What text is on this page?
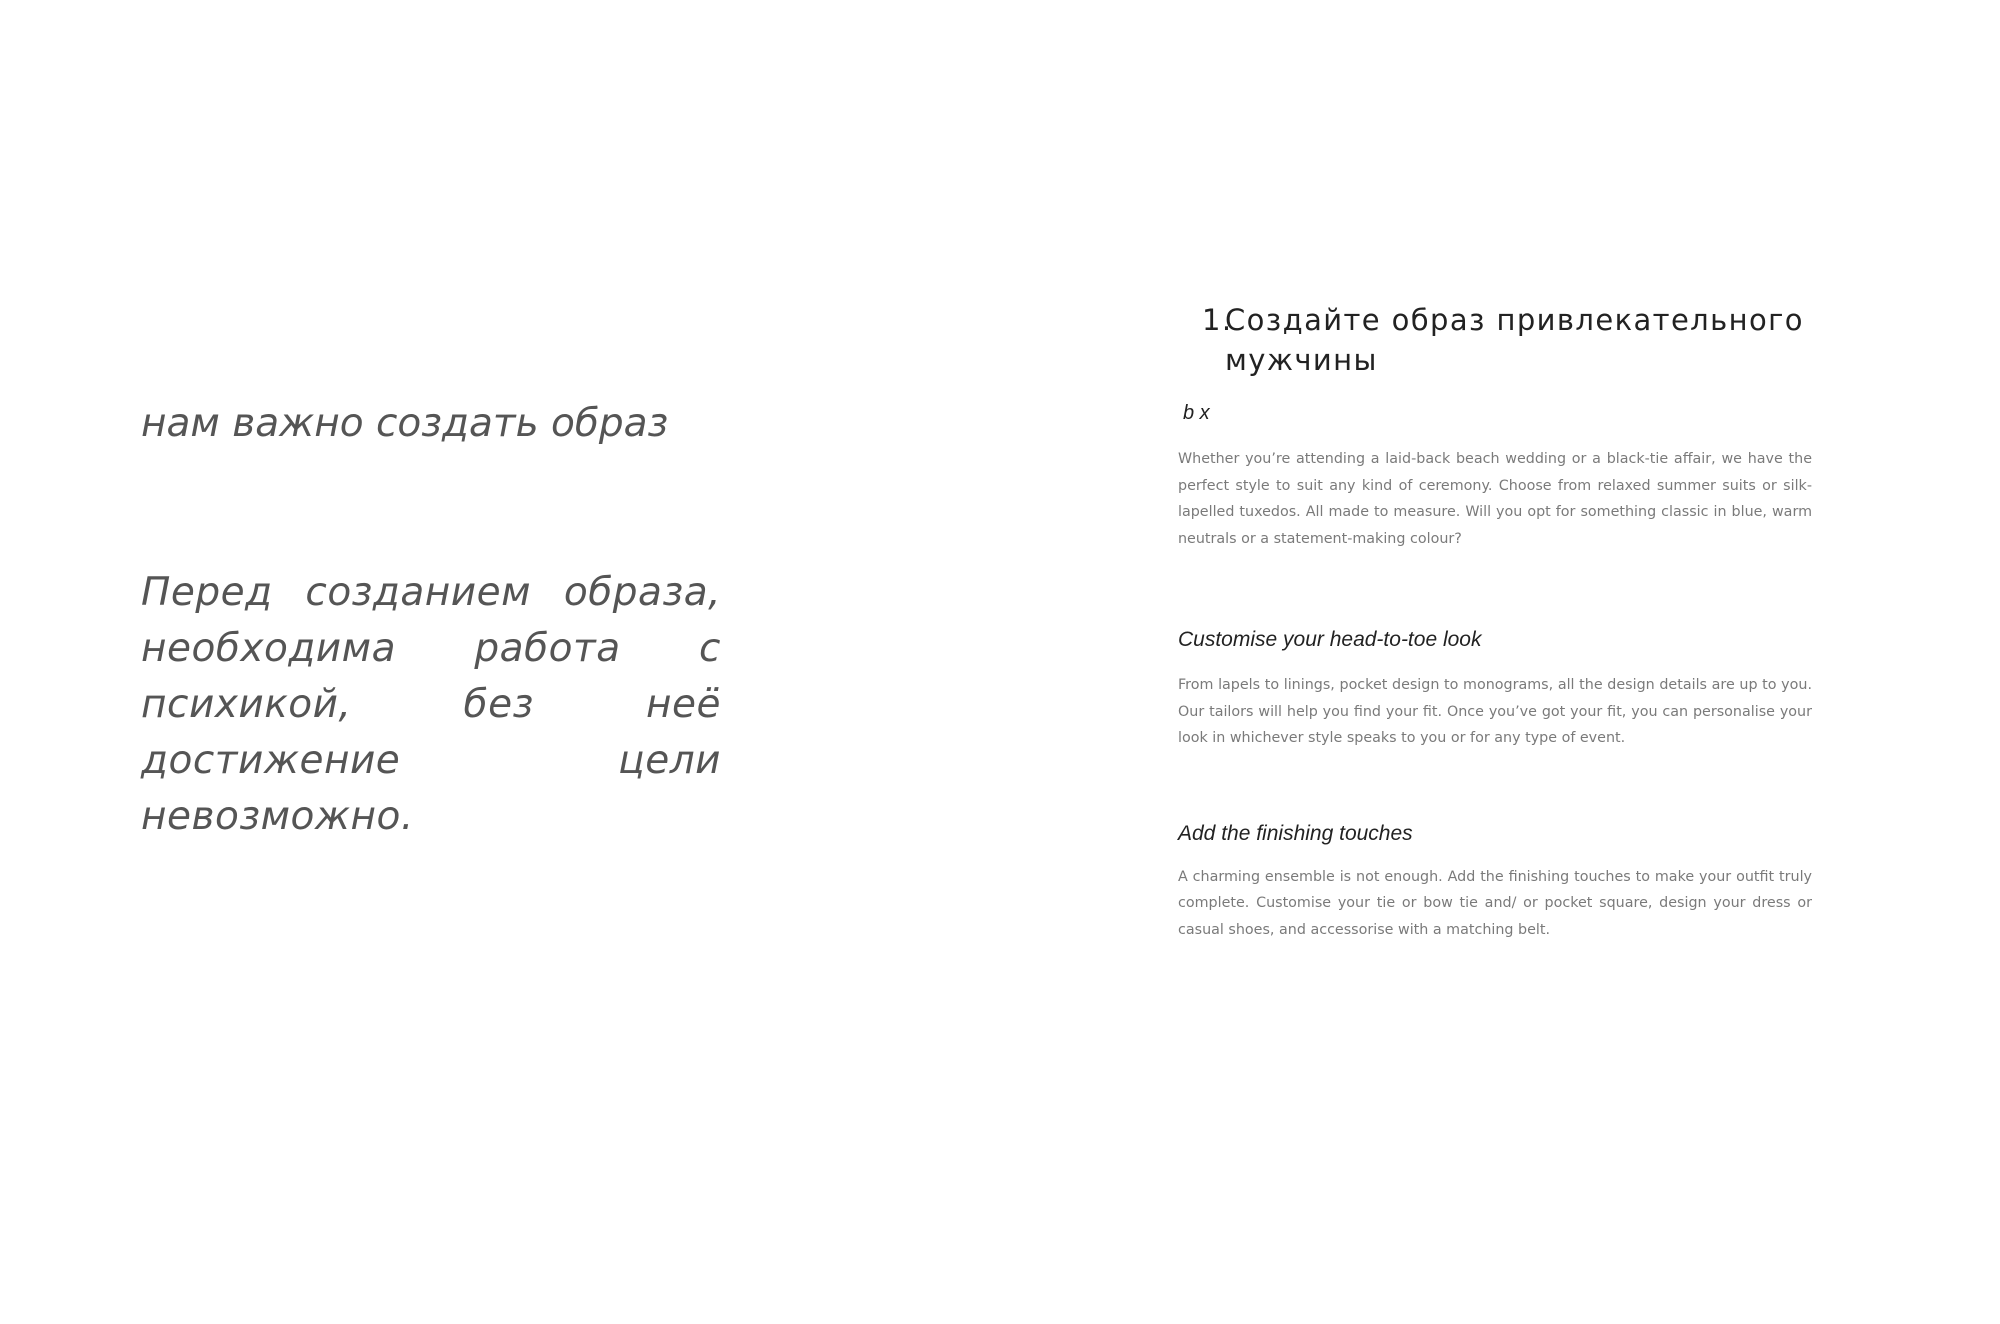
нам важно создать образ

Перед созданием образа, необходима работа с психикой, без неё достижение цели невозможно.

1.
Создайте образ привлекательного мужчины
b x

Whether you’re attending a laid-back beach wedding or a black-tie affair, we have the perfect style to suit any kind of ceremony. Choose from relaxed summer suits or silk-lapelled tuxedos. All made to measure. Will you opt for something classic in blue, warm neutrals or a statement-making colour?

Customise your head-to-toe look

From lapels to linings, pocket design to monograms, all the design details are up to you. Our tailors will help you find your fit. Once you’ve got your fit, you can personalise your look in whichever style speaks to you or for any type of event.

Add the finishing touches

A charming ensemble is not enough. Add the finishing touches to make your outfit truly complete. Customise your tie or bow tie and/ or pocket square, design your dress or casual shoes, and accessorise with a matching belt.
